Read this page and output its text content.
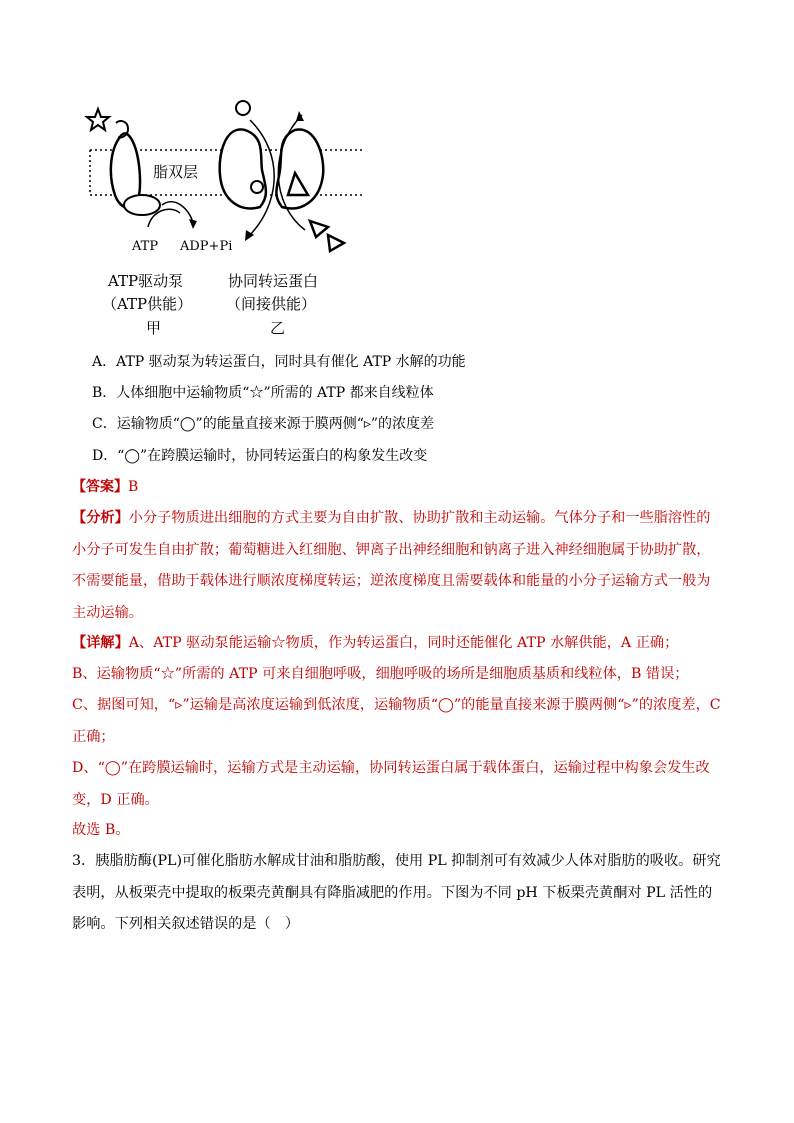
脂双层
ATP ADP+Pi
ATP驱动泵
（ATP供能）
甲
协同转运蛋白
（间接供能）
乙
A．ATP 驱动泵为转运蛋白，同时具有催化 ATP 水解的功能
B．人体细胞中运输物质“☆”所需的 ATP 都来自线粒体
C．运输物质“◯”的能量直接来源于膜两侧“▹”的浓度差
D．“◯”在跨膜运输时，协同转运蛋白的构象发生改变
【答案】B

【分析】小分子物质进出细胞的方式主要为自由扩散、协助扩散和主动运输。气体分子和一些脂溶性的小分子可发生自由扩散；葡萄糖进入红细胞、钾离子出神经细胞和钠离子进入神经细胞属于协助扩散，不需要能量，借助于载体进行顺浓度梯度转运；逆浓度梯度且需要载体和能量的小分子运输方式一般为主动运输。

【详解】A、ATP 驱动泵能运输☆物质，作为转运蛋白，同时还能催化 ATP 水解供能，A 正确；

B、运输物质“☆”所需的 ATP 可来自细胞呼吸，细胞呼吸的场所是细胞质基质和线粒体，B 错误；

C、据图可知，“▹”运输是高浓度运输到低浓度，运输物质“◯”的能量直接来源于膜两侧“▹”的浓度差，C 正确；

D、“◯”在跨膜运输时，运输方式是主动运输，协同转运蛋白属于载体蛋白，运输过程中构象会发生改变，D 正确。

故选 B。

3．胰脂肪酶(PL)可催化脂肪水解成甘油和脂肪酸，使用 PL 抑制剂可有效减少人体对脂肪的吸收。研究表明，从板栗壳中提取的板栗壳黄酮具有降脂减肥的作用。下图为不同 pH 下板栗壳黄酮对 PL 活性的影响。下列相关叙述错误的是（　）
